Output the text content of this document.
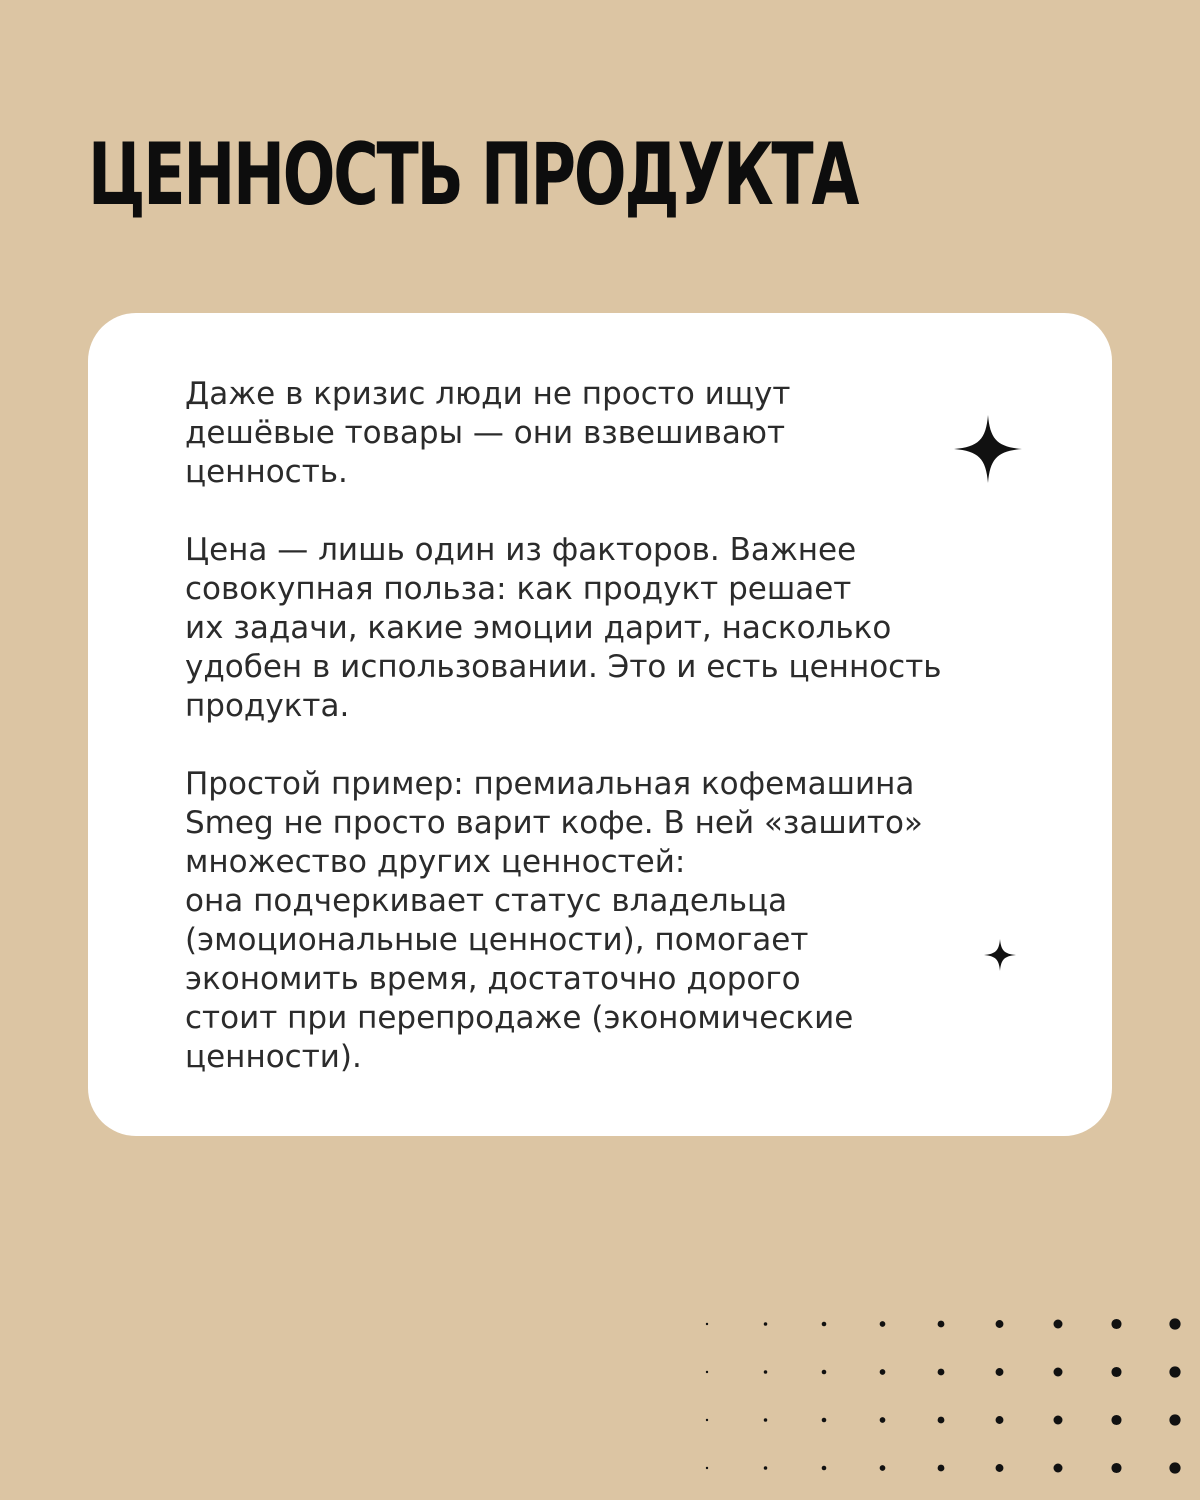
ЦЕННОСТЬ ПРОДУКТА

Даже в кризис люди не просто ищут
дешёвые товары — они взвешивают
ценность.

Цена — лишь один из факторов. Важнее
совокупная польза: как продукт решает
их задачи, какие эмоции дарит, насколько
удобен в использовании. Это и есть ценность
продукта.

Простой пример: премиальная кофемашина
Smeg не просто варит кофе. В ней «зашито»
множество других ценностей:
она подчеркивает статус владельца
(эмоциональные ценности), помогает
экономить время, достаточно дорого
стоит при перепродаже (экономические
ценности).
